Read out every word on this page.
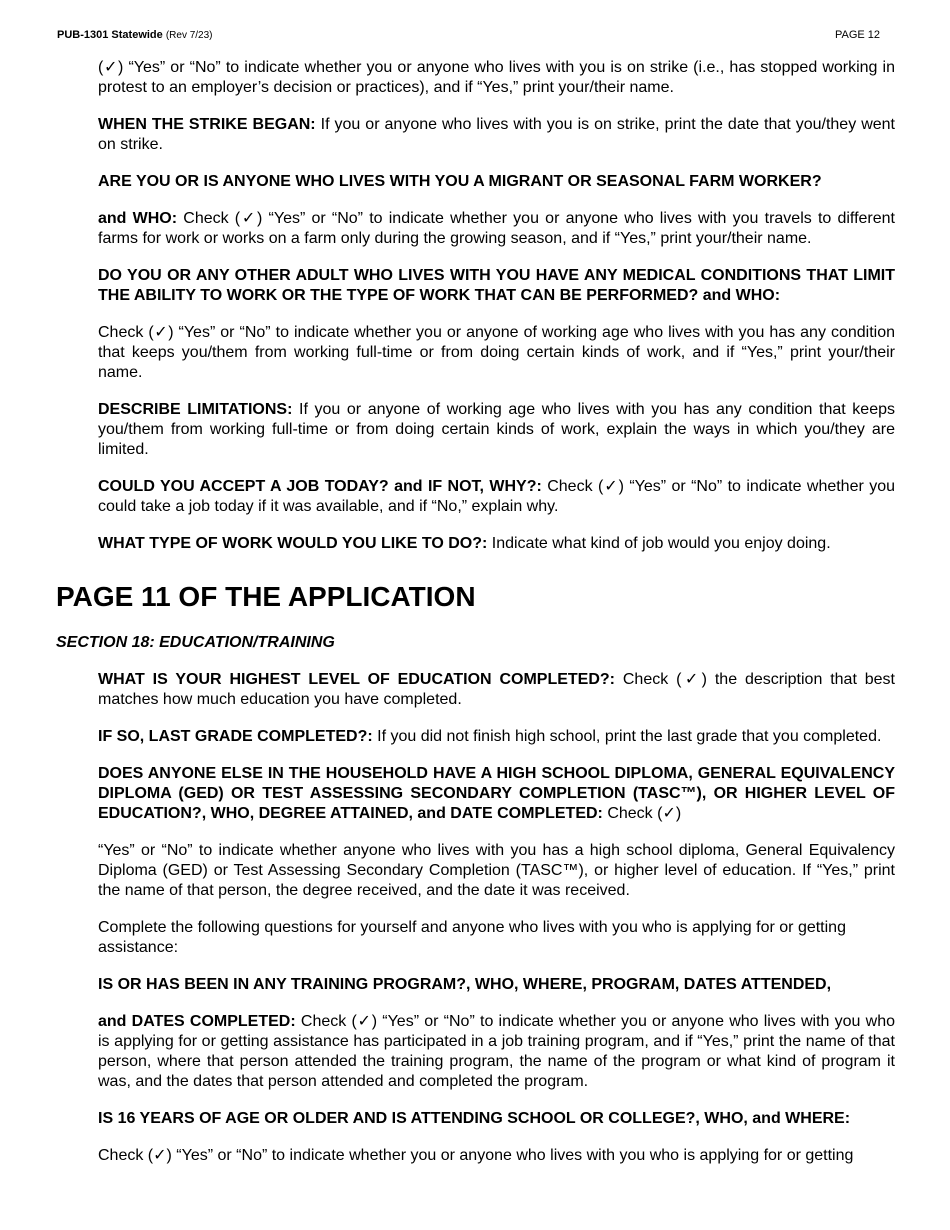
PUB-1301 Statewide (Rev 7/23)	PAGE 12

(✓) “Yes” or “No” to indicate whether you or anyone who lives with you is on strike (i.e., has stopped working in protest to an employer’s decision or practices), and if “Yes,” print your/their name.

WHEN THE STRIKE BEGAN: If you or anyone who lives with you is on strike, print the date that you/they went on strike.

ARE YOU OR IS ANYONE WHO LIVES WITH YOU A MIGRANT OR SEASONAL FARM WORKER?

and WHO: Check (✓) “Yes” or “No” to indicate whether you or anyone who lives with you travels to different farms for work or works on a farm only during the growing season, and if “Yes,” print your/their name.

DO YOU OR ANY OTHER ADULT WHO LIVES WITH YOU HAVE ANY MEDICAL CONDITIONS THAT LIMIT THE ABILITY TO WORK OR THE TYPE OF WORK THAT CAN BE PERFORMED? and WHO:

Check (✓) “Yes” or “No” to indicate whether you or anyone of working age who lives with you has any condition that keeps you/them from working full-time or from doing certain kinds of work, and if “Yes,” print your/their name.

DESCRIBE LIMITATIONS: If you or anyone of working age who lives with you has any condition that keeps you/them from working full-time or from doing certain kinds of work, explain the ways in which you/they are limited.

COULD YOU ACCEPT A JOB TODAY? and IF NOT, WHY?: Check (✓) “Yes” or “No” to indicate whether you could take a job today if it was available, and if “No,” explain why.

WHAT TYPE OF WORK WOULD YOU LIKE TO DO?: Indicate what kind of job would you enjoy doing.

PAGE 11 OF THE APPLICATION
SECTION 18: EDUCATION/TRAINING

WHAT IS YOUR HIGHEST LEVEL OF EDUCATION COMPLETED?: Check (✓) the description that best matches how much education you have completed.

IF SO, LAST GRADE COMPLETED?: If you did not finish high school, print the last grade that you completed.

DOES ANYONE ELSE IN THE HOUSEHOLD HAVE A HIGH SCHOOL DIPLOMA, GENERAL EQUIVALENCY DIPLOMA (GED) OR TEST ASSESSING SECONDARY COMPLETION (TASC™), OR HIGHER LEVEL OF EDUCATION?, WHO, DEGREE ATTAINED, and DATE COMPLETED: Check (✓)

“Yes” or “No” to indicate whether anyone who lives with you has a high school diploma, General Equivalency Diploma (GED) or Test Assessing Secondary Completion (TASC™), or higher level of education. If “Yes,” print the name of that person, the degree received, and the date it was received.

Complete the following questions for yourself and anyone who lives with you who is applying for or getting assistance:

IS OR HAS BEEN IN ANY TRAINING PROGRAM?, WHO, WHERE, PROGRAM, DATES ATTENDED,

and DATES COMPLETED: Check (✓) “Yes” or “No” to indicate whether you or anyone who lives with you who is applying for or getting assistance has participated in a job training program, and if “Yes,” print the name of that person, where that person attended the training program, the name of the program or what kind of program it was, and the dates that person attended and completed the program.

IS 16 YEARS OF AGE OR OLDER AND IS ATTENDING SCHOOL OR COLLEGE?, WHO, and WHERE:

Check (✓) “Yes” or “No” to indicate whether you or anyone who lives with you who is applying for or getting
